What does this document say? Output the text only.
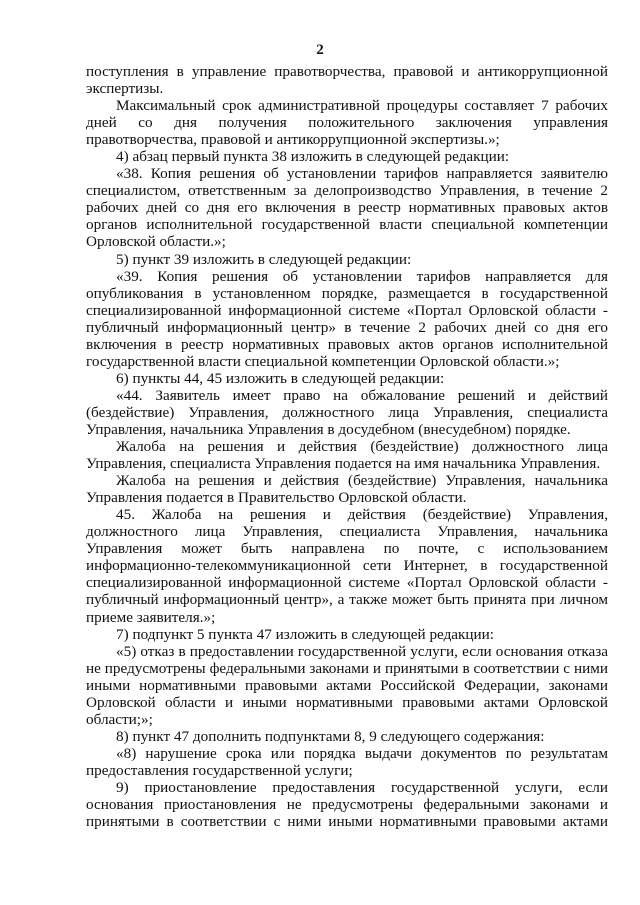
2

поступления в управление правотворчества, правовой и антикоррупционной экспертизы.

Максимальный срок административной процедуры составляет 7 рабочих дней со дня получения положительного заключения управления правотворчества, правовой и антикоррупционной экспертизы.»;

4) абзац первый пункта 38 изложить в следующей редакции:

«38. Копия решения об установлении тарифов направляется заявителю специалистом, ответственным за делопроизводство Управления, в течение 2 рабочих дней со дня его включения в реестр нормативных правовых актов органов исполнительной государственной власти специальной компетенции Орловской области.»;

5) пункт 39 изложить в следующей редакции:

«39. Копия решения об установлении тарифов направляется для опубликования в установленном порядке, размещается в государственной специализированной информационной системе «Портал Орловской области - публичный информационный центр» в течение 2 рабочих дней со дня его включения в реестр нормативных правовых актов органов исполнительной государственной власти специальной компетенции Орловской области.»;

6) пункты 44, 45 изложить в следующей редакции:

«44. Заявитель имеет право на обжалование решений и действий (бездействие) Управления, должностного лица Управления, специалиста Управления, начальника Управления в досудебном (внесудебном) порядке.

Жалоба на решения и действия (бездействие) должностного лица Управления, специалиста Управления подается на имя начальника Управления.

Жалоба на решения и действия (бездействие) Управления, начальника Управления подается в Правительство Орловской области.

45. Жалоба на решения и действия (бездействие) Управления, должностного лица Управления, специалиста Управления, начальника Управления может быть направлена по почте, с использованием информационно-телекоммуникационной сети Интернет, в государственной специализированной информационной системе «Портал Орловской области - публичный информационный центр», а также может быть принята при личном приеме заявителя.»;

7) подпункт 5 пункта 47 изложить в следующей редакции:

«5) отказ в предоставлении государственной услуги, если основания отказа не предусмотрены федеральными законами и принятыми в соответствии с ними иными нормативными правовыми актами Российской Федерации, законами Орловской области и иными нормативными правовыми актами Орловской области;»;

8) пункт 47 дополнить подпунктами 8, 9 следующего содержания:

«8) нарушение срока или порядка выдачи документов по результатам предоставления государственной услуги;

9) приостановление предоставления государственной услуги, если основания приостановления не предусмотрены федеральными законами и принятыми в соответствии с ними иными нормативными правовыми актами
